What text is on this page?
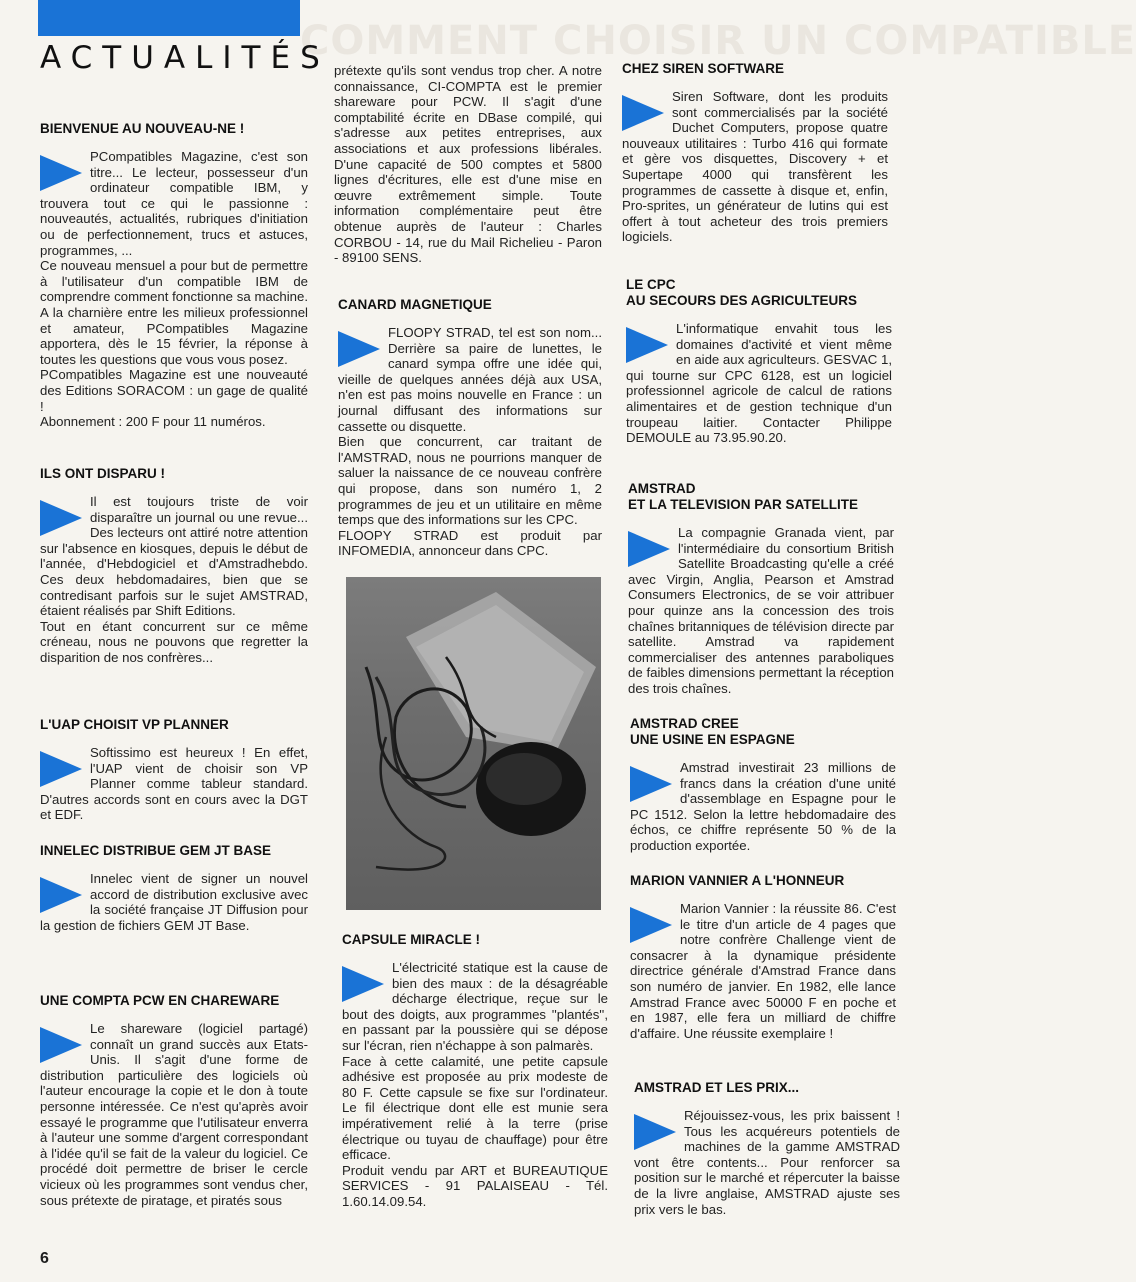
COMMENT CHOISIR UN COMPATIBLE
ACTUALITÉS
BIENVENUE AU NOUVEAU-NE !

PCompatibles Magazine, c'est son titre... Le lecteur, possesseur d'un ordinateur compatible IBM, y trouvera tout ce qui le passionne : nouveautés, actualités, rubriques d'initiation ou de perfectionnement, trucs et astuces, programmes, ...
Ce nouveau mensuel a pour but de permettre à l'utilisateur d'un compatible IBM de comprendre comment fonctionne sa machine. A la charnière entre les milieux professionnel et amateur, PCompatibles Magazine apportera, dès le 15 février, la réponse à toutes les questions que vous vous posez.
PCompatibles Magazine est une nouveauté des Editions SORACOM : un gage de qualité !
Abonnement : 200 F pour 11 numéros.

ILS ONT DISPARU !

Il est toujours triste de voir disparaître un journal ou une revue... Des lecteurs ont attiré notre attention sur l'absence en kiosques, depuis le début de l'année, d'Hebdogiciel et d'Amstradhebdo. Ces deux hebdomadaires, bien que se contredisant parfois sur le sujet AMSTRAD, étaient réalisés par Shift Editions.
Tout en étant concurrent sur ce même créneau, nous ne pouvons que regretter la disparition de nos confrères...

L'UAP CHOISIT VP PLANNER

Softissimo est heureux ! En effet, l'UAP vient de choisir son VP Planner comme tableur standard. D'autres accords sont en cours avec la DGT et EDF.

INNELEC DISTRIBUE GEM JT BASE

Innelec vient de signer un nouvel accord de distribution exclusive avec la société française JT Diffusion pour la gestion de fichiers GEM JT Base.

UNE COMPTA PCW EN CHAREWARE

Le shareware (logiciel partagé) connaît un grand succès aux Etats-Unis. Il s'agit d'une forme de distribution particulière des logiciels où l'auteur encourage la copie et le don à toute personne intéressée. Ce n'est qu'après avoir essayé le programme que l'utilisateur enverra à l'auteur une somme d'argent correspondant à l'idée qu'il se fait de la valeur du logiciel. Ce procédé doit permettre de briser le cercle vicieux où les programmes sont vendus cher, sous prétexte de piratage, et piratés sous

prétexte qu'ils sont vendus trop cher. A notre connaissance, CI-COMPTA est le premier shareware pour PCW. Il s'agit d'une comptabilité écrite en DBase compilé, qui s'adresse aux petites entreprises, aux associations et aux professions libérales. D'une capacité de 500 comptes et 5800 lignes d'écritures, elle est d'une mise en œuvre extrêmement simple. Toute information complémentaire peut être obtenue auprès de l'auteur : Charles CORBOU - 14, rue du Mail Richelieu - Paron - 89100 SENS.

CANARD MAGNETIQUE

FLOOPY STRAD, tel est son nom... Derrière sa paire de lunettes, le canard sympa offre une idée qui, vieille de quelques années déjà aux USA, n'en est pas moins nouvelle en France : un journal diffusant des informations sur cassette ou disquette.
Bien que concurrent, car traitant de l'AMSTRAD, nous ne pourrions manquer de saluer la naissance de ce nouveau confrère qui propose, dans son numéro 1, 2 programmes de jeu et un utilitaire en même temps que des informations sur les CPC.
FLOOPY STRAD est produit par INFOMEDIA, annonceur dans CPC.

CAPSULE MIRACLE !

L'électricité statique est la cause de bien des maux : de la désagréable décharge électrique, reçue sur le bout des doigts, aux programmes ''plantés'', en passant par la poussière qui se dépose sur l'écran, rien n'échappe à son palmarès.
Face à cette calamité, une petite capsule adhésive est proposée au prix modeste de 80 F. Cette capsule se fixe sur l'ordinateur. Le fil électrique dont elle est munie sera impérativement relié à la terre (prise électrique ou tuyau de chauffage) pour être efficace.
Produit vendu par ART et BUREAUTIQUE SERVICES - 91 PALAISEAU - Tél. 1.60.14.09.54.

CHEZ SIREN SOFTWARE

Siren Software, dont les produits sont commercialisés par la société Duchet Computers, propose quatre nouveaux utilitaires : Turbo 416 qui formate et gère vos disquettes, Discovery + et Supertape 4000 qui transfèrent les programmes de cassette à disque et, enfin, Pro-sprites, un générateur de lutins qui est offert à tout acheteur des trois premiers logiciels.

LE CPC
AU SECOURS DES AGRICULTEURS

L'informatique envahit tous les domaines d'activité et vient même en aide aux agriculteurs. GESVAC 1, qui tourne sur CPC 6128, est un logiciel professionnel agricole de calcul de rations alimentaires et de gestion technique d'un troupeau laitier. Contacter Philippe DEMOULE au 73.95.90.20.

AMSTRAD
ET LA TELEVISION PAR SATELLITE

La compagnie Granada vient, par l'intermédiaire du consortium British Satellite Broadcasting qu'elle a créé avec Virgin, Anglia, Pearson et Amstrad Consumers Electronics, de se voir attribuer pour quinze ans la concession des trois chaînes britanniques de télévision directe par satellite. Amstrad va rapidement commercialiser des antennes paraboliques de faibles dimensions permettant la réception des trois chaînes.

AMSTRAD CREE
UNE USINE EN ESPAGNE

Amstrad investirait 23 millions de francs dans la création d'une unité d'assemblage en Espagne pour le PC 1512. Selon la lettre hebdomadaire des échos, ce chiffre représente 50 % de la production exportée.

MARION VANNIER A L'HONNEUR

Marion Vannier : la réussite 86. C'est le titre d'un article de 4 pages que notre confrère Challenge vient de consacrer à la dynamique présidente directrice générale d'Amstrad France dans son numéro de janvier. En 1982, elle lance Amstrad France avec 50000 F en poche et en 1987, elle fera un milliard de chiffre d'affaire. Une réussite exemplaire !

AMSTRAD ET LES PRIX...

Réjouissez-vous, les prix baissent ! Tous les acquéreurs potentiels de machines de la gamme AMSTRAD vont être contents... Pour renforcer sa position sur le marché et répercuter la baisse de la livre anglaise, AMSTRAD ajuste ses prix vers le bas.

6
